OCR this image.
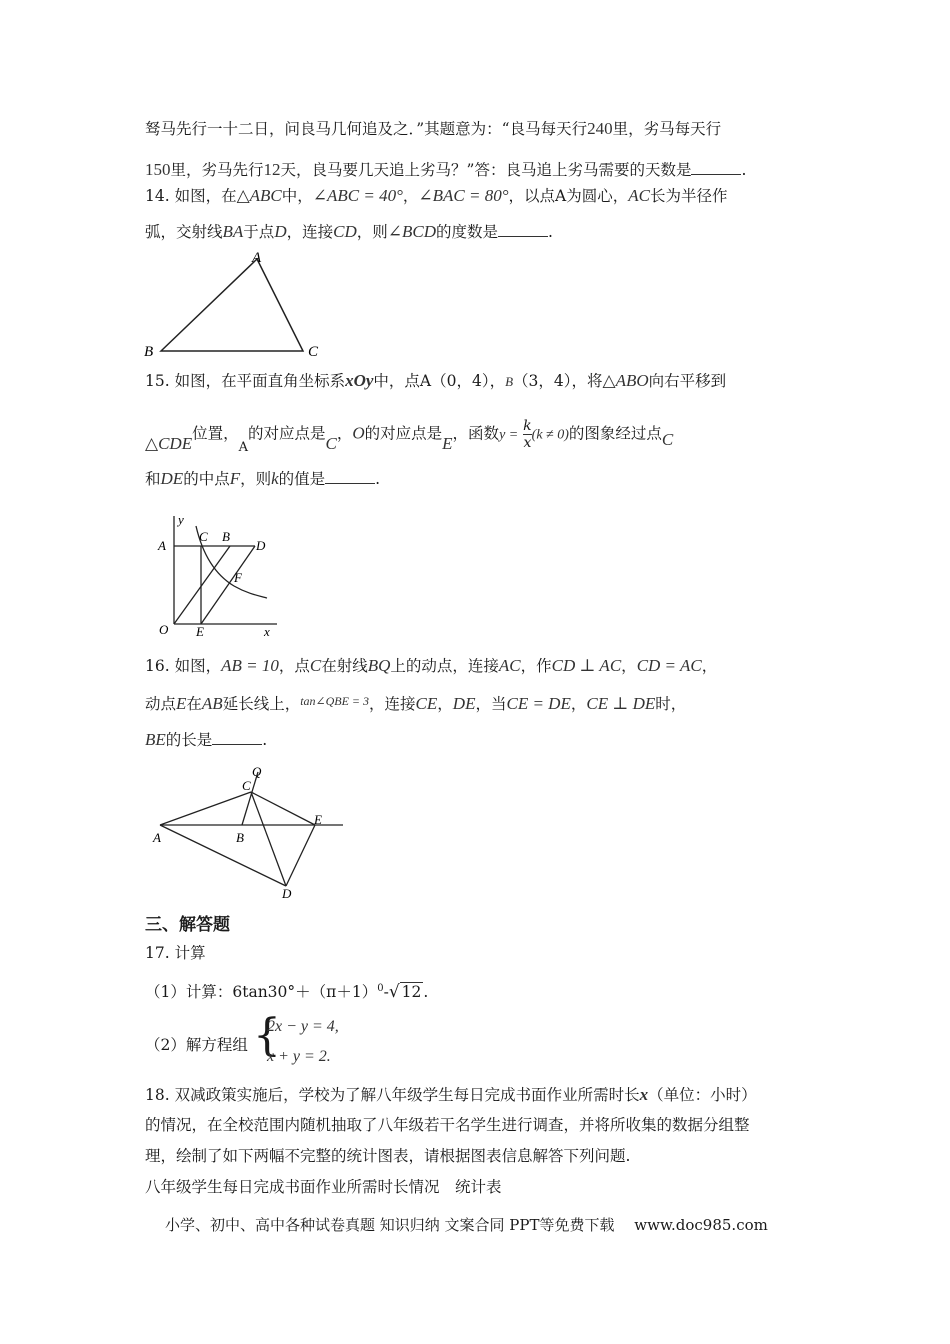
驽马先行一十二日，问良马几何追及之．”其题意为：“良马每天行240里，劣马每天行
150里，劣马先行12天，良马要几天追上劣马？”答：良马追上劣马需要的天数是	.
14. 如图，在△ABC中，∠ABC = 40°，∠BAC = 80°，以点A为圆心，AC长为半径作
弧，交射线BA于点D，连接CD，则∠BCD的度数是	.
A
B	C
15. 如图，在平面直角坐标系xOy中，点A（0，4），B（3，4），将△ABO向右平移到
△CDE位置，$_A$的对应点是C，O的对应点是E，函数$y = \frac{k}{x} (k \ne 0)$的图象经过点C
和DE的中点F，则k的值是	.
y
A
C B
D
F
O E	x
16. 如图，AB = 10，点C在射线BQ上的动点，连接AC，作CD ⊥ AC，CD = AC，
动点E在AB延长线上，$^{tan\angle QBE = 3}$，连接CE，DE，当CE = DE，CE ⊥ DE时，
BE的长是	.
Q
C
A	B
E
D
三、解答题
17. 计算
（1）计算：$6\tan 30^\circ+(\pi+1)^0-√$ 12 .
（2）解方程组 {
2x − y = 4,
x + y = 2.
18. 双减政策实施后，学校为了解八年级学生每日完成书面作业所需时长x（单位：小时）
的情况，在全校范围内随机抽取了八年级若干名学生进行调查，并将所收集的数据分组整
理，绘制了如下两幅不完整的统计图表，请根据图表信息解答下列问题.
八年级学生每日完成书面作业所需时长情况　统计表
小学、初中、高中各种试卷真题 知识归纳 文案合同 PPT等免费下载　 www.doc985.com
